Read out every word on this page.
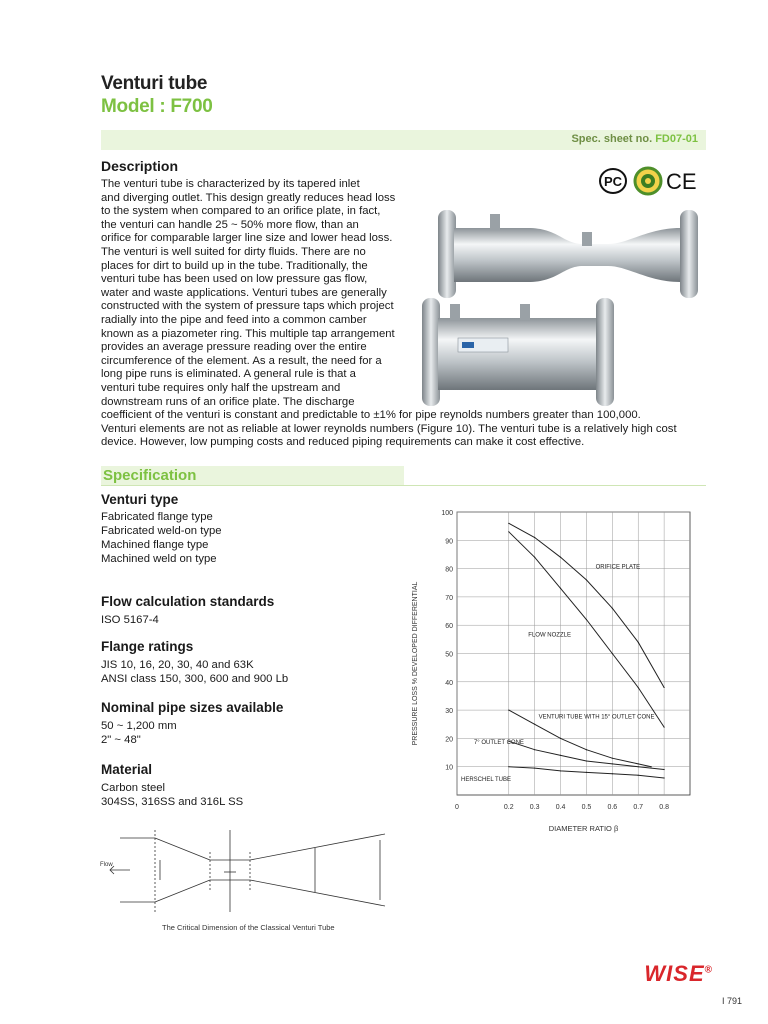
Venturi tube
Model : F700
Spec. sheet no. FD07-01
PC CE
Description
The venturi tube is characterized by its tapered inlet
and diverging outlet. This design greatly reduces head loss
to the system when compared to an orifice plate, in fact,
the venturi can handle 25 ~ 50% more flow, than an
orifice for comparable larger line size and lower head loss.
The venturi is well suited for dirty fluids. There are no
places for dirt to build up in the tube. Traditionally, the
venturi tube has been used on low pressure gas flow,
water and waste applications. Venturi tubes are generally
constructed with the system of pressure taps which project
radially into the pipe and feed into a common camber
known as a piazometer ring. This multiple tap arrangement
provides an average pressure reading over the entire
circumference of the element. As a result, the need for a
long pipe runs is eliminated. A general rule is that a
venturi tube requires only half the upstream and
downstream runs of an orifice plate. The discharge
coefficient of the venturi is constant and predictable to ±1% for pipe reynolds numbers greater than 100,000.
Venturi elements are not as reliable at lower reynolds numbers (Figure 10). The venturi tube is a relatively high cost
device. However, low pumping costs and reduced piping requirements can make it cost effective.
Specification
Venturi type
Fabricated flange type
Fabricated weld-on type
Machined flange type
Machined weld on type
Flow calculation standards
ISO 5167-4
Flange ratings
JIS 10, 16, 20, 30, 40 and 63K
ANSI class 150, 300, 600 and 900 Lb
Nominal pipe sizes available
50 ~ 1,200 mm
2" ~ 48"
Material
Carbon steel
304SS, 316SS and 316L SS	0	0.2 0.3 0.4 0.5 0.6 0.7 0.8
10
20
30
40
50
60
70
80
90
100
DIAMETER RATIO β
PRESSURE LOSS % DEVELOPED DIFFERENTIAL
ORIFICE PLATE
FLOW NOZZLE
VENTURI TUBE WITH 15° OUTLET CONE
7° OUTLET CONE
HERSCHEL TUBE
Flow
The Critical Dimension of the Classical Venturi Tube
WISE®
I 791
